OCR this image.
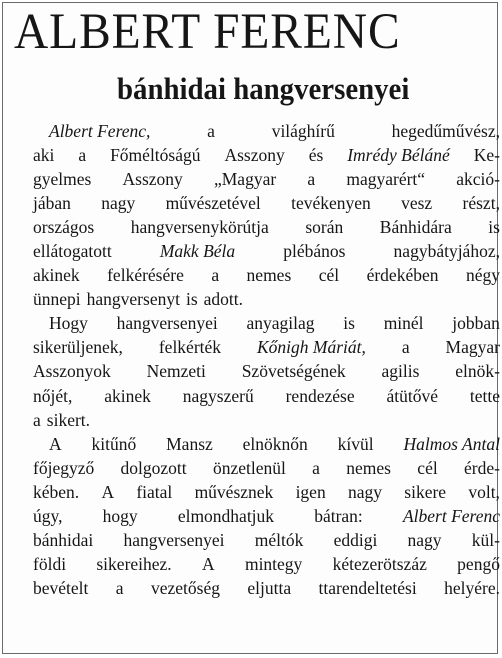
ALBERT FERENC
bánhidai hangversenyei
Albert Ferenc,	a	világhírű	hegedűművész,
aki a Főméltóságú Asszony és Imrédy Béláné Ke-
gyelmes Asszony „Magyar a magyarért“ akció-
jában nagy művészetével tevékenyen vesz részt,
országos hangversenykörútja során Bánhidára is
ellátogatott	Makk Béla	plébános	nagybátyjához,
akinek felkérésére a nemes cél érdekében négy
ünnepi hangversenyt is adott.
Hogy hangversenyei anyagilag is minél jobban
sikerüljenek, felkérték Kőnigh Máriát, a Magyar
Asszonyok Nemzeti Szövetségének agilis elnök-
nőjét, akinek nagyszerű rendezése átütővé tette
a sikert.
A kitűnő Mansz elnöknőn kívül Halmos Antal
főjegyző dolgozott önzetlenül a nemes cél érde-
kében. A fiatal művésznek igen nagy sikere volt,
úgy, hogy elmondhatjuk bátran: Albert Ferenc
bánhidai hangversenyei méltók eddigi nagy kül-
földi sikereihez. A mintegy kétezerötszáz pengő
bevételt a vezetőség eljutta ttarendeltetési helyére.
